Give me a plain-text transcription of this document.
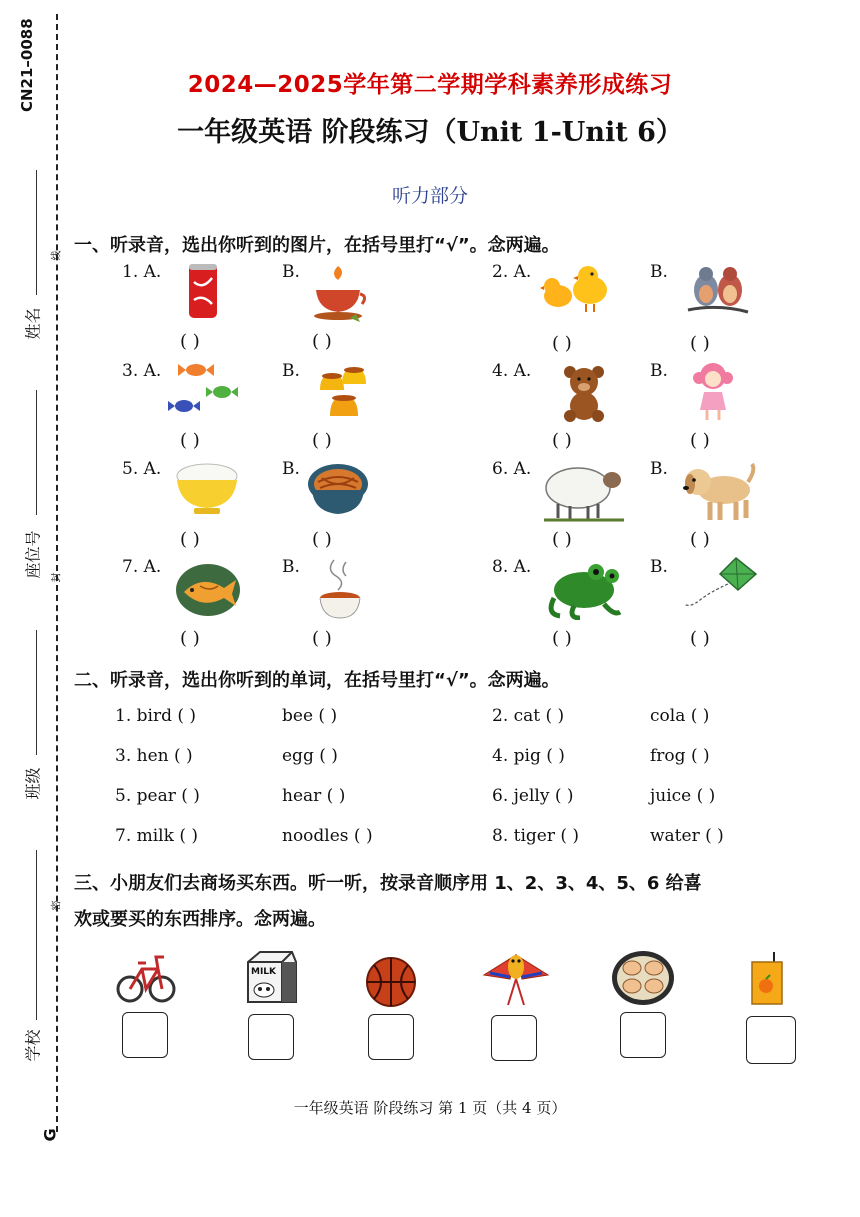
CN21–0088
姓名
线
座位号 封
班级
密
学校
G
2024—2025学年第二学期学科素养形成练习
一年级英语 阶段练习（Unit 1-Unit 6）
听力部分
一、听录音，选出你听到的图片，在括号里打“√”。念两遍。
1. A.	B.	2. A.	B.
( )	( )	( )	( )
3. A.	B.	4. A.	B.
( )	( )	( )	( )
5. A.	B.	6. A.	B.
( )	( )	( )	( )
7. A.	B.	8. A.	B.
( )	( )	( )	( )
二、听录音，选出你听到的单词，在括号里打“√”。念两遍。
1. bird ( )	bee ( )	2. cat ( )	cola ( )
3. hen ( )	egg ( )	4. pig ( )	frog ( )
5. pear ( )	hear ( )	6. jelly ( )	juice ( )
7. milk ( )	noodles ( )	8. tiger ( )	water ( )
三、小朋友们去商场买东西。听一听，按录音顺序用 1、2、3、4、5、6 给喜
欢或要买的东西排序。念两遍。
MILK
一年级英语 阶段练习 第 1 页（共 4 页）
